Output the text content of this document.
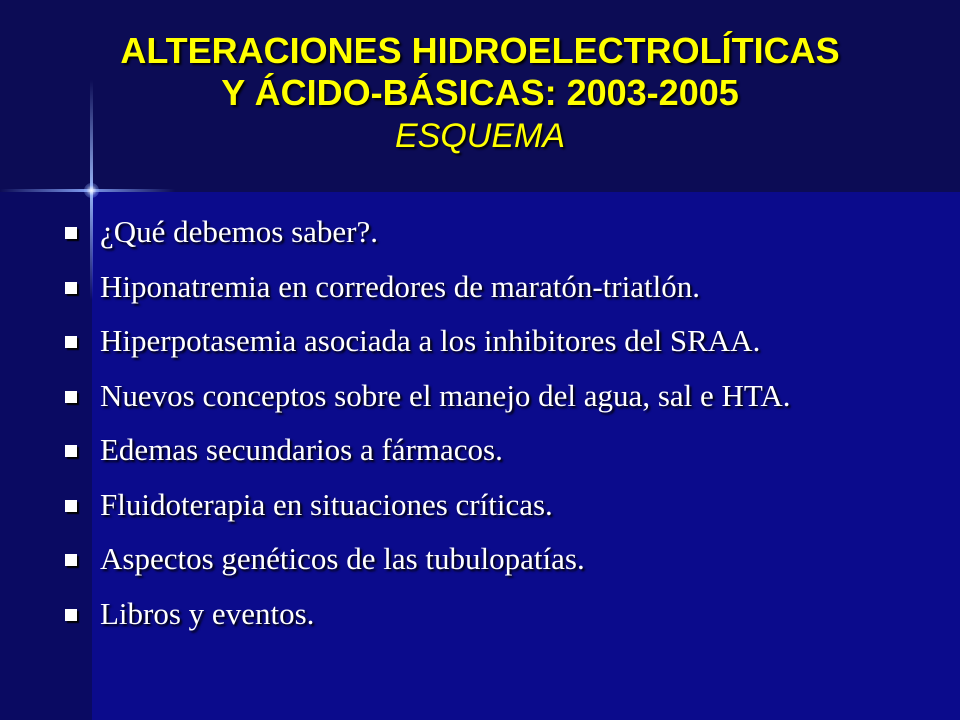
ALTERACIONES HIDROELECTROLÍTICAS
Y ÁCIDO-BÁSICAS: 2003-2005
ESQUEMA
¿Qué debemos saber?.
Hiponatremia en corredores de maratón-triatlón.
Hiperpotasemia asociada a los inhibitores del SRAA.
Nuevos conceptos sobre el manejo del agua, sal e HTA.
Edemas secundarios a fármacos.
Fluidoterapia en situaciones críticas.
Aspectos genéticos de las tubulopatías.
Libros y eventos.
